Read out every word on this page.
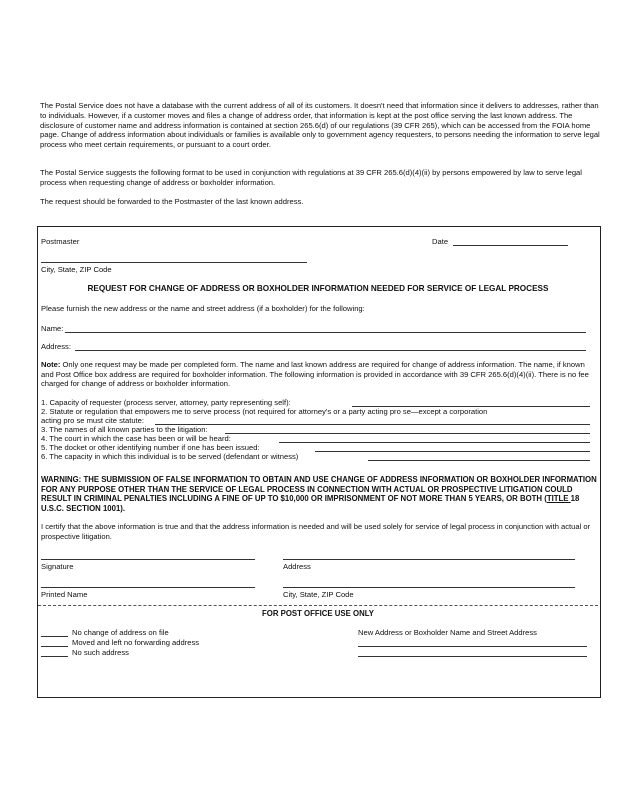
The Postal Service does not have a database with the current address of all of its customers. It doesn't need that information since it delivers to addresses, rather than to individuals. However, if a customer moves and files a change of address order, that information is kept at the post office serving the last known address. The disclosure of customer name and address information is contained at section 265.6(d) of our regulations (39 CFR 265), which can be accessed from the FOIA home page. Change of address information about individuals or families is available only to government agency requesters, to persons needing the information to serve legal process who meet certain requirements, or pursuant to a court order.
The Postal Service suggests the following format to be used in conjunction with regulations at 39 CFR 265.6(d)(4)(ii) by persons empowered by law to serve legal process when requesting change of address or boxholder information.
The request should be forwarded to the Postmaster of the last known address.
Postmaster	Date
City, State, ZIP Code
REQUEST FOR CHANGE OF ADDRESS OR BOXHOLDER INFORMATION NEEDED FOR SERVICE OF LEGAL PROCESS
Please furnish the new address or the name and street address (if a boxholder) for the following:
Name:
Address:
Note: Only one request may be made per completed form. The name and last known address are required for change of address information. The name, if known and Post Office box address are required for boxholder information. The following information is provided in accordance with 39 CFR 265.6(d)(4)(ii). There is no fee charged for change of address or boxholder information.
1. Capacity of requester (process server, attorney, party representing self):
2. Statute or regulation that empowers me to serve process (not required for attorney's or a party acting pro se—except a corporation
acting pro se must cite statute:
3. The names of all known parties to the litigation:
4. The court in which the case has been or will be heard:
5. The docket or other identifying number if one has been issued:
6. The capacity in which this individual is to be served (defendant or witness)
WARNING: THE SUBMISSION OF FALSE INFORMATION TO OBTAIN AND USE CHANGE OF ADDRESS INFORMATION OR BOXHOLDER INFORMATION FOR ANY PURPOSE OTHER THAN THE SERVICE OF LEGAL PROCESS IN CONNECTION WITH ACTUAL OR PROSPECTIVE LITIGATION COULD RESULT IN CRIMINAL PENALTIES INCLUDING A FINE OF UP TO $10,000 OR IMPRISONMENT OF NOT MORE THAN 5 YEARS, OR BOTH (TITLE 18 U.S.C. SECTION 1001).
I certify that the above information is true and that the address information is needed and will be used solely for service of legal process in conjunction with actual or prospective litigation.
Signature	Address
Printed Name	City, State, ZIP Code
FOR POST OFFICE USE ONLY
No change of address on file
Moved and left no forwarding address
No such address
New Address or Boxholder Name and Street Address
